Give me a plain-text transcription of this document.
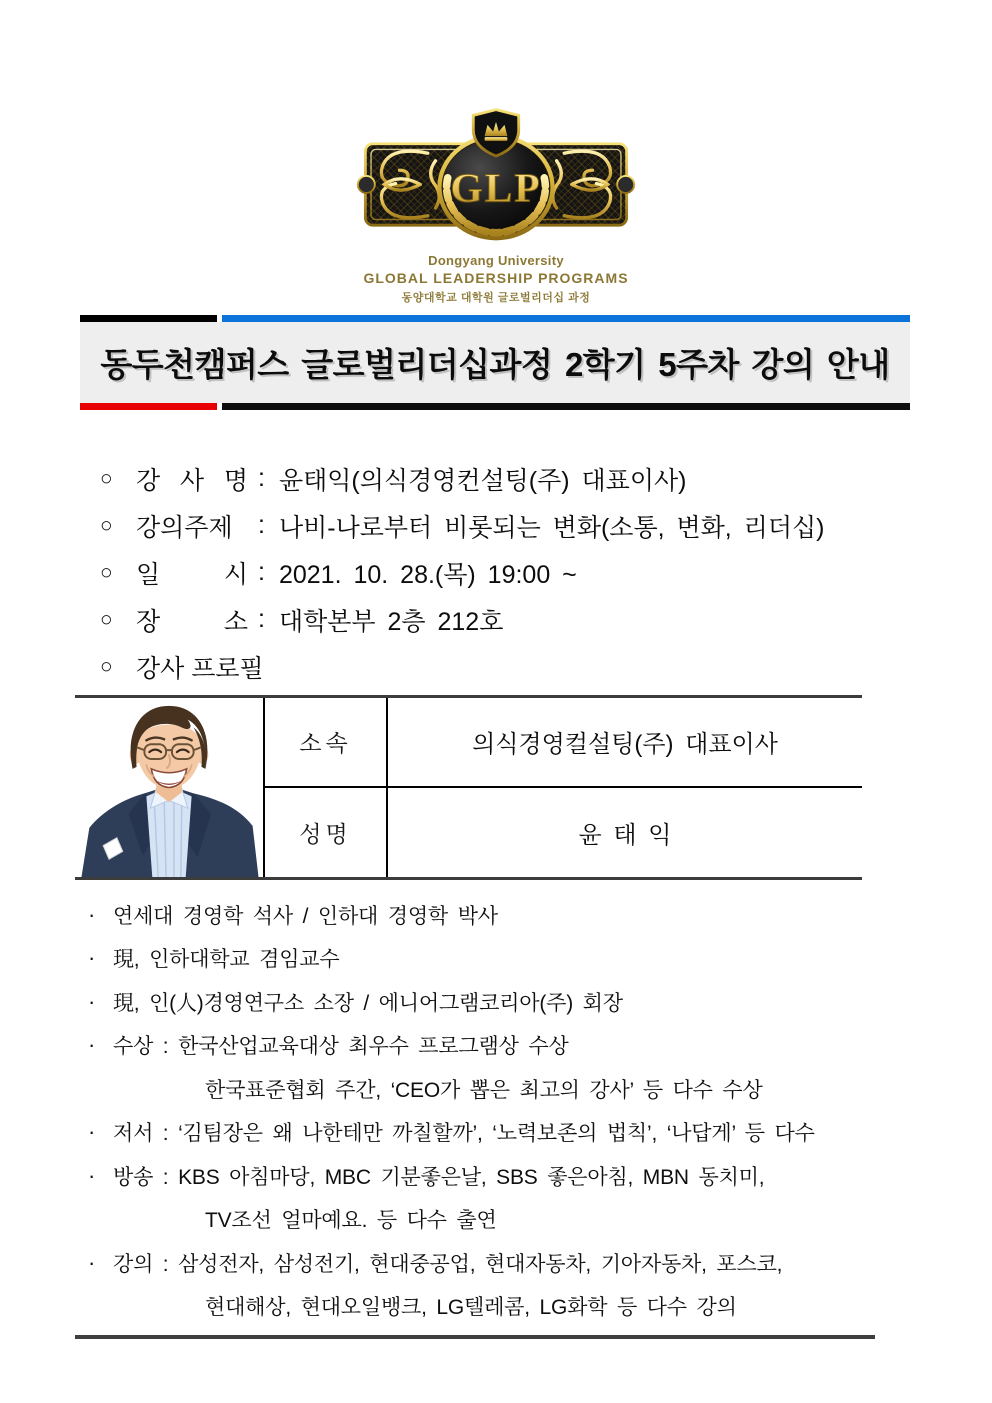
GLP
Dongyang University
GLOBAL LEADERSHIP PROGRAMS
동양대학교 대학원 글로벌리더십 과정
동두천캠퍼스 글로벌리더십과정 2학기 5주차 강의 안내
○ 강 사 명 : 윤태익(의식경영컨설팅(주) 대표이사)
○ 강의주제	: 나비-나로부터 비롯되는 변화(소통, 변화, 리더십)
○ 일 시 : 2021. 10. 28.(목) 19:00 ~
○ 장 소 : 대학본부 2층 212호
○ 강사 프로필
소속	의식경영컬설팅(주) 대표이사
성명	윤 태 익
· 연세대 경영학 석사 / 인하대 경영학 박사
· 現, 인하대학교 겸임교수
· 現, 인(人)경영연구소 소장 / 에니어그램코리아(주) 회장
· 수상 : 한국산업교육대상 최우수 프로그램상 수상
한국표준협회 주간, ‘CEO가 뽑은 최고의 강사’ 등 다수 수상
· 저서 : ‘김팀장은 왜 나한테만 까칠할까’, ‘노력보존의 법칙’, ‘나답게’ 등 다수
· 방송 : KBS 아침마당, MBC 기분좋은날, SBS 좋은아침, MBN 동치미,
TV조선 얼마예요. 등 다수 출연
· 강의 : 삼성전자, 삼성전기, 현대중공업, 현대자동차, 기아자동차, 포스코,
현대해상, 현대오일뱅크, LG텔레콤, LG화학 등 다수 강의
